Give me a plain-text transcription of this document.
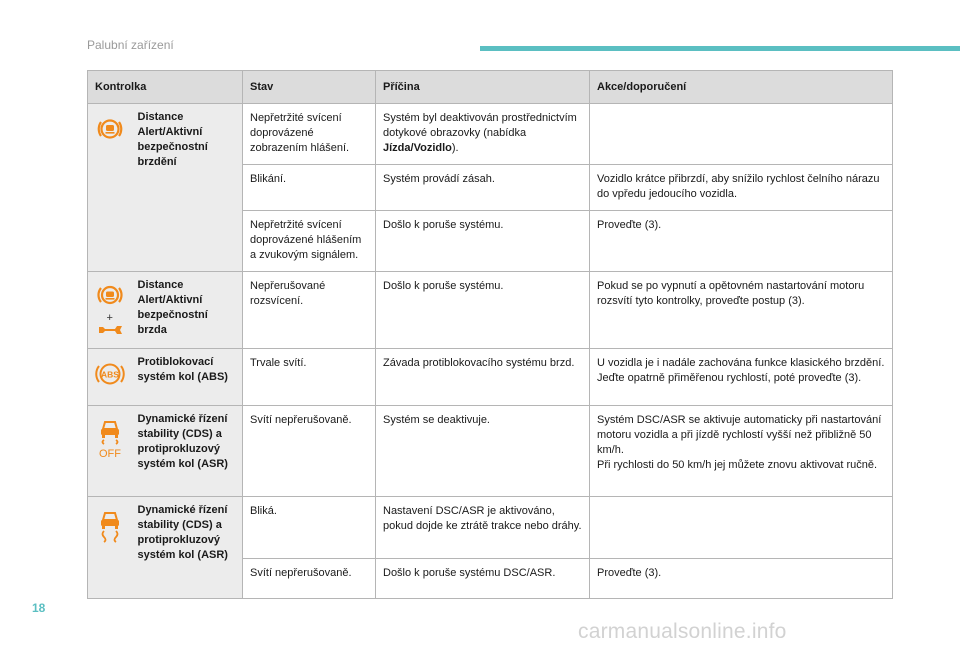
Palubní zařízení
Kontrolka		Stav	Příčina	Akce/doporučení

	Distance Alert/Aktivní bezpečnostní brzdění	Nepřetržité svícení doprovázené zobrazením hlášení.	Systém byl deaktivován prostřednictvím dotykové obrazovky (nabídka Jízda/Vozidlo).	
		Blikání.	Systém provádí zásah.	Vozidlo krátce přibrzdí, aby snížilo rychlost čelního nárazu do vpředu jedoucího vozidla.
		Nepřetržité svícení doprovázené hlášením a zvukovým signálem.	Došlo k poruše systému.	Proveďte (3).

+	Distance Alert/Aktivní bezpečnostní brzda	Nepřerušované rozsvícení.	Došlo k poruše systému.	Pokud se po vypnutí a opětovném nastartování motoru rozsvítí tyto kontrolky, proveďte postup (3).

ABS	Protiblokovací systém kol (ABS)	Trvale svítí.	Závada protiblokovacího systému brzd.	U vozidla je i nadále zachována funkce klasického brzdění.
Jeďte opatrně přiměřenou rychlostí, poté proveďte (3).

OFF	Dynamické řízení stability (CDS) a protiprokluzový systém kol (ASR)	Svítí nepřerušovaně.	Systém se deaktivuje.	Systém DSC/ASR se aktivuje automaticky při nastartování motoru vozidla a při jízdě rychlostí vyšší než přibližně 50 km/h.
Při rychlosti do 50 km/h jej můžete znovu aktivovat ručně.

	Dynamické řízení stability (CDS) a protiprokluzový systém kol (ASR)	Bliká.	Nastavení DSC/ASR je aktivováno, pokud dojde ke ztrátě trakce nebo dráhy.	
		Svítí nepřerušovaně.	Došlo k poruše systému DSC/ASR.	Proveďte (3).
18
carmanualsonline.info
